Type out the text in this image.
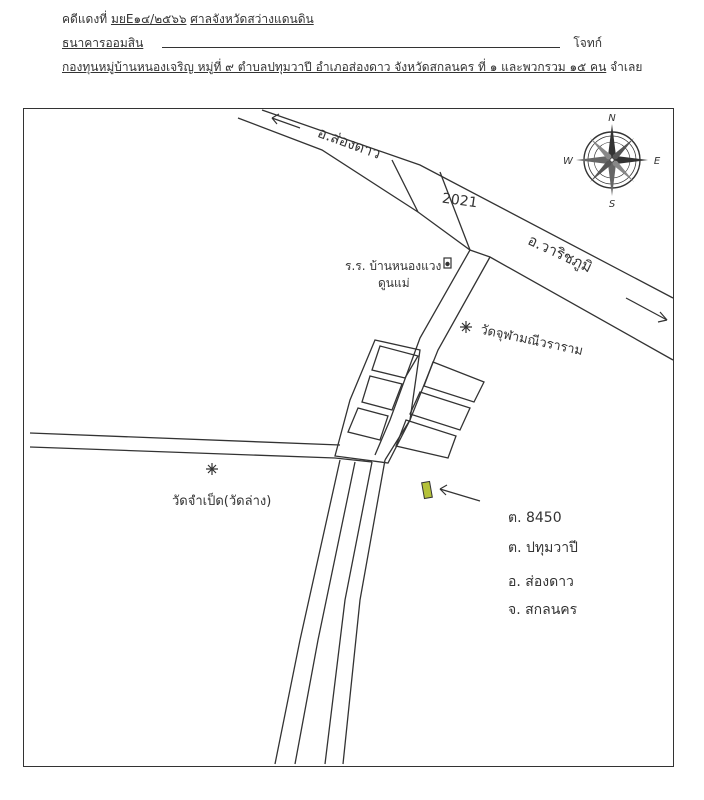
คดีแดงที่ มยE๑๔/๒๕๖๖ ศาลจังหวัดสว่างแดนดิน
ธนาคารออมสิน	โจทก์
กองทุนหมู่บ้านหนองเจริญ หมู่ที่ ๙ ตำบลปทุมวาปี อำเภอส่องดาว จังหวัดสกลนคร ที่ ๑ และพวกรวม ๑๕ คน จำเลย
N
E
S
W
อ.ส่องดาว
2021
อ.วาริชภูมิ
ร.ร. บ้านหนองแวง
ดูนแม่
วัดจุฬามณีวราราม
วัดจำเป็ด(วัดล่าง)
ต. 8450
ต. ปทุมวาปี
อ. ส่องดาว
จ. สกลนคร
